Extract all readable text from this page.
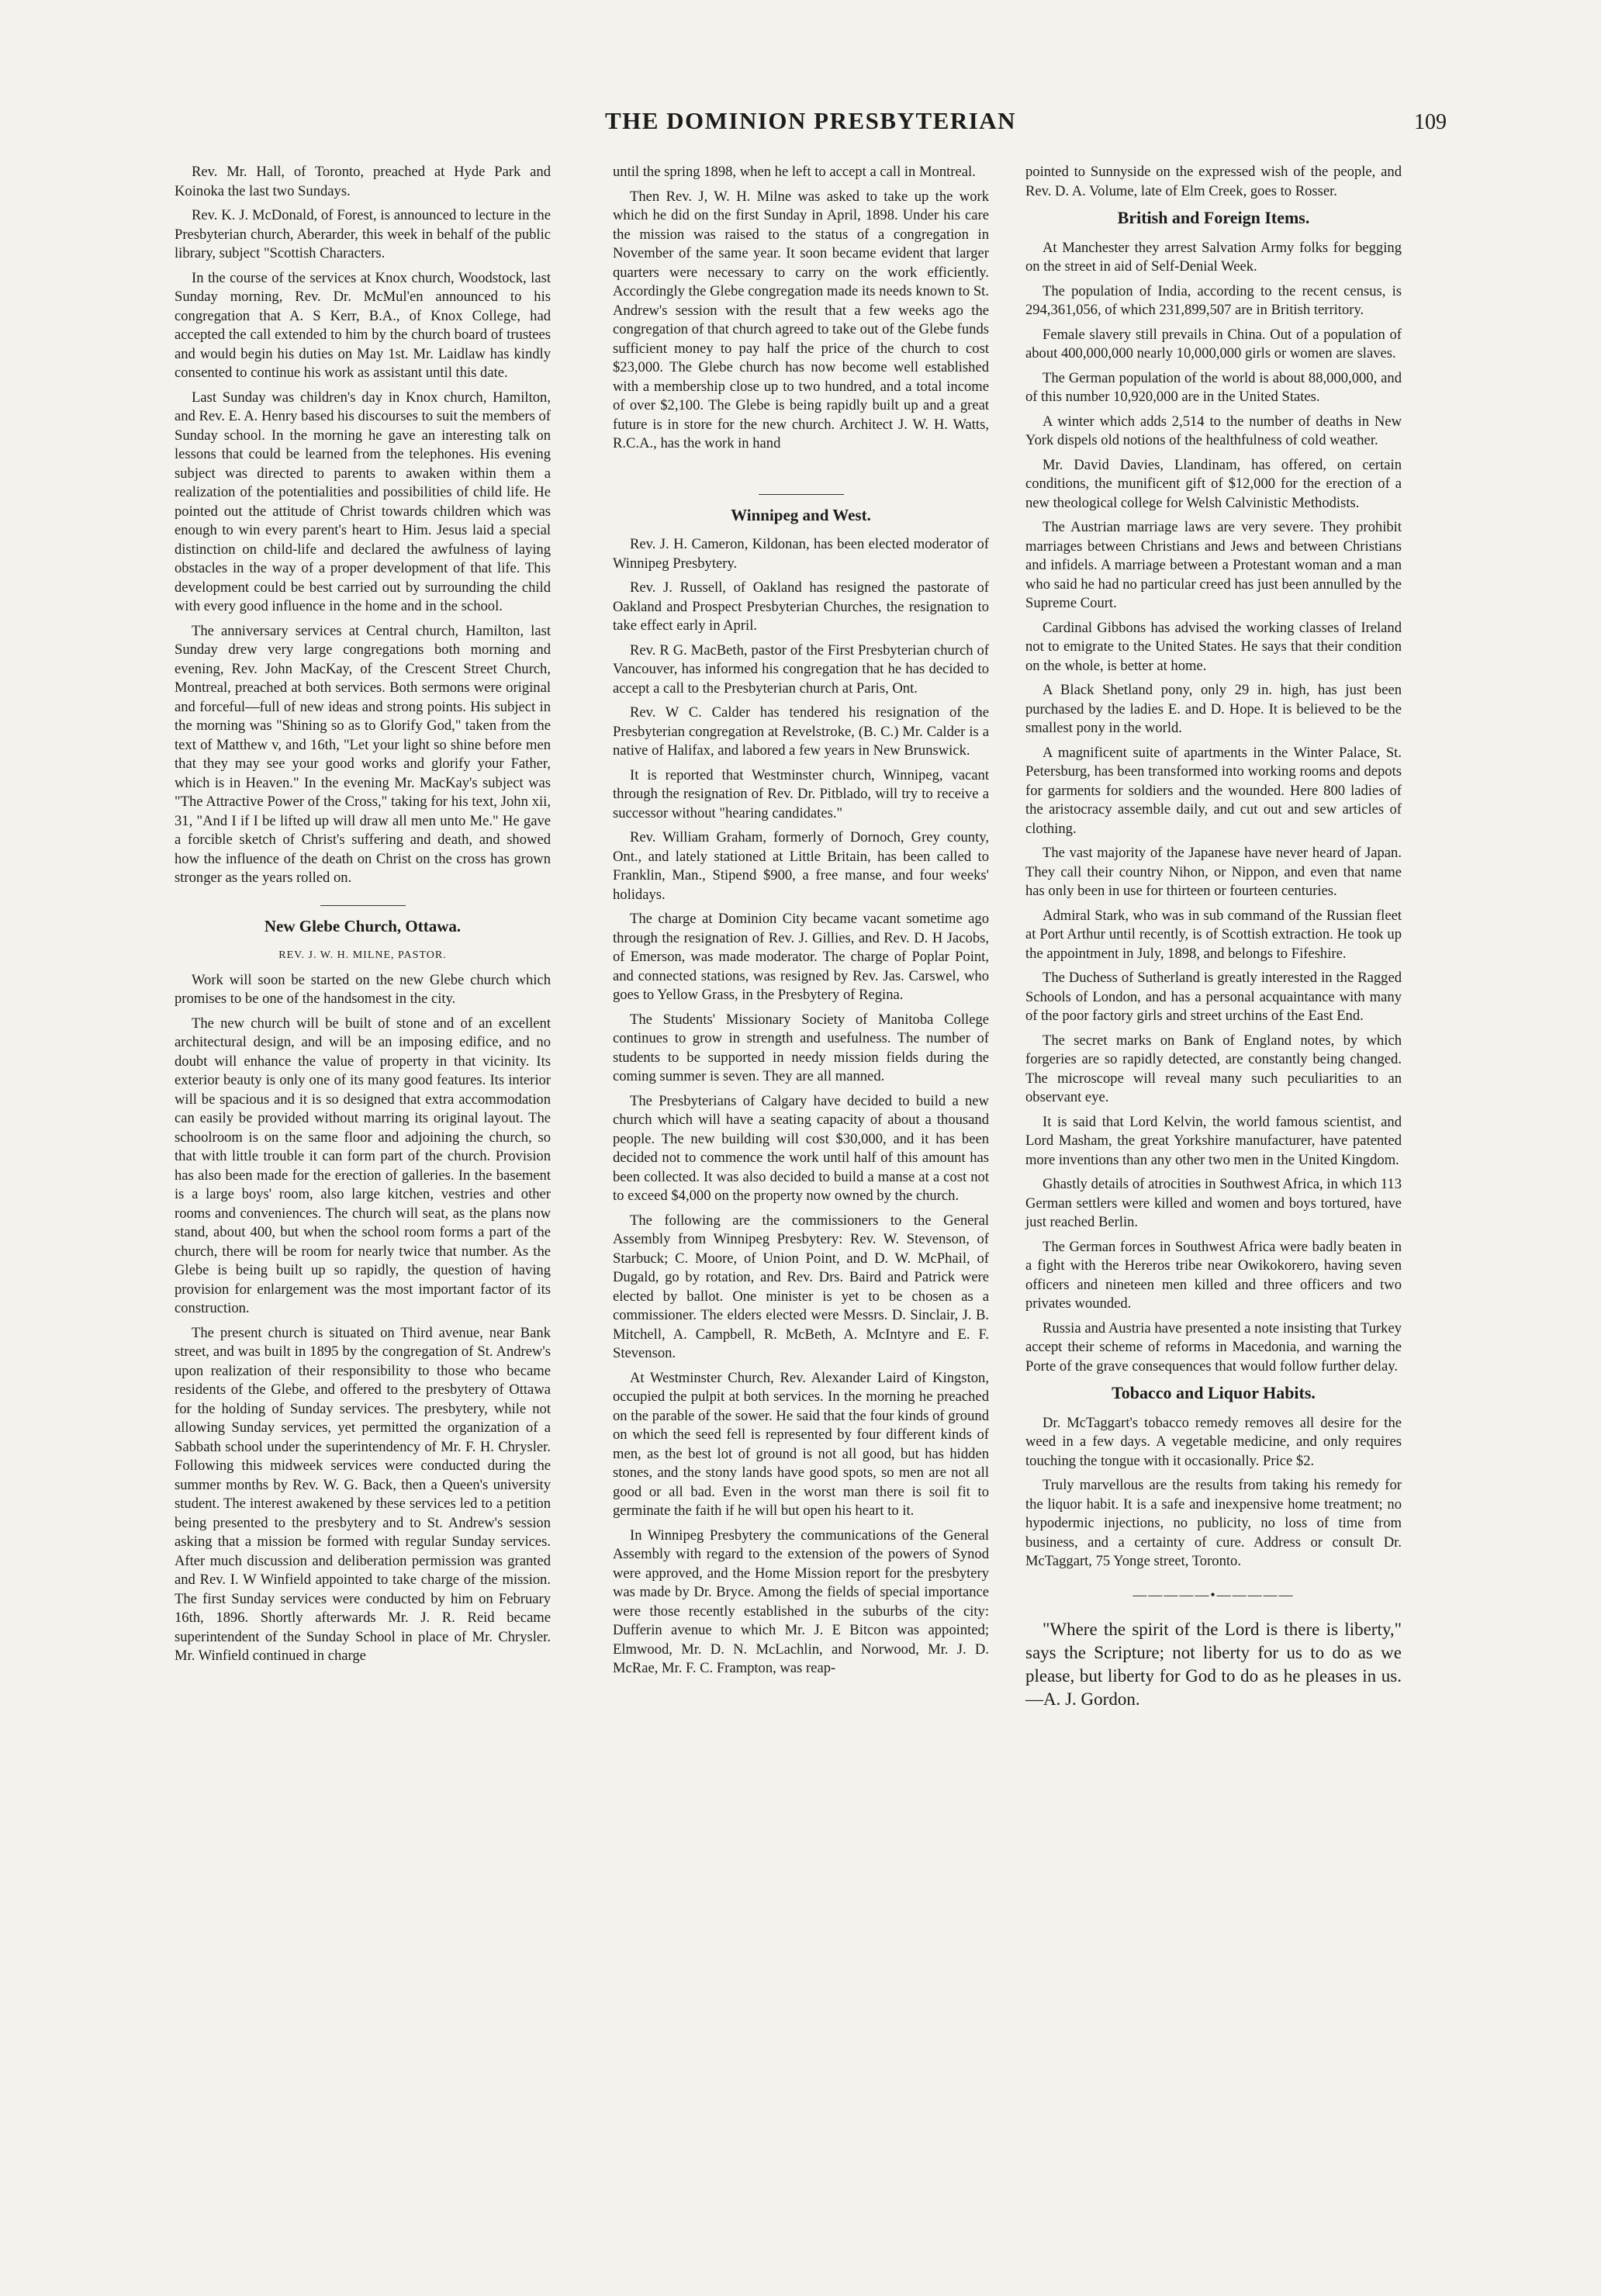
THE DOMINION PRESBYTERIAN	109

Rev. Mr. Hall, of Toronto, preached at Hyde Park and Koinoka the last two Sundays.

Rev. K. J. McDonald, of Forest, is announced to lecture in the Presbyterian church, Aberarder, this week in behalf of the public library, subject "Scottish Characters.

In the course of the services at Knox church, Woodstock, last Sunday morning, Rev. Dr. McMul'en announced to his congregation that A. S Kerr, B.A., of Knox College, had accepted the call extended to him by the church board of trustees and would begin his duties on May 1st. Mr. Laidlaw has kindly consented to continue his work as assistant until this date.

Last Sunday was children's day in Knox church, Hamilton, and Rev. E. A. Henry based his discourses to suit the members of Sunday school. In the morning he gave an interesting talk on lessons that could be learned from the telephones. His evening subject was directed to parents to awaken within them a realization of the potentialities and possibilities of child life. He pointed out the attitude of Christ towards children which was enough to win every parent's heart to Him. Jesus laid a special distinction on child-life and declared the awfulness of laying obstacles in the way of a proper development of that life. This development could be best carried out by surrounding the child with every good influence in the home and in the school.

The anniversary services at Central church, Hamilton, last Sunday drew very large congregations both morning and evening, Rev. John MacKay, of the Crescent Street Church, Montreal, preached at both services. Both sermons were original and forceful—full of new ideas and strong points. His subject in the morning was "Shining so as to Glorify God," taken from the text of Matthew v, and 16th, "Let your light so shine before men that they may see your good works and glorify your Father, which is in Heaven." In the evening Mr. MacKay's subject was "The Attractive Power of the Cross," taking for his text, John xii, 31, "And I if I be lifted up will draw all men unto Me." He gave a forcible sketch of Christ's suffering and death, and showed how the influence of the death on Christ on the cross has grown stronger as the years rolled on.

New Glebe Church, Ottawa.

REV. J. W. H. MILNE, PASTOR.

Work will soon be started on the new Glebe church which promises to be one of the handsomest in the city.

The new church will be built of stone and of an excellent architectural design, and will be an imposing edifice, and no doubt will enhance the value of property in that vicinity. Its exterior beauty is only one of its many good features. Its interior will be spacious and it is so designed that extra accommodation can easily be provided without marring its original layout. The schoolroom is on the same floor and adjoining the church, so that with little trouble it can form part of the church. Provision has also been made for the erection of galleries. In the basement is a large boys' room, also large kitchen, vestries and other rooms and conveniences. The church will seat, as the plans now stand, about 400, but when the school room forms a part of the church, there will be room for nearly twice that number. As the Glebe is being built up so rapidly, the question of having provision for enlargement was the most important factor of its construction.

The present church is situated on Third avenue, near Bank street, and was built in 1895 by the congregation of St. Andrew's upon realization of their responsibility to those who became residents of the Glebe, and offered to the presbytery of Ottawa for the holding of Sunday services. The presbytery, while not allowing Sunday services, yet permitted the organization of a Sabbath school under the superintendency of Mr. F. H. Chrysler. Following this midweek services were conducted during the summer months by Rev. W. G. Back, then a Queen's university student. The interest awakened by these services led to a petition being presented to the presbytery and to St. Andrew's session asking that a mission be formed with regular Sunday services. After much discussion and deliberation permission was granted and Rev. I. W Winfield appointed to take charge of the mission. The first Sunday services were conducted by him on February 16th, 1896. Shortly afterwards Mr. J. R. Reid became superintendent of the Sunday School in place of Mr. Chrysler. Mr. Winfield continued in charge

until the spring 1898, when he left to accept a call in Montreal.

Then Rev. J, W. H. Milne was asked to take up the work which he did on the first Sunday in April, 1898. Under his care the mission was raised to the status of a congregation in November of the same year. It soon became evident that larger quarters were necessary to carry on the work efficiently. Accordingly the Glebe congregation made its needs known to St. Andrew's session with the result that a few weeks ago the congregation of that church agreed to take out of the Glebe funds sufficient money to pay half the price of the church to cost $23,000. The Glebe church has now become well established with a membership close up to two hundred, and a total income of over $2,100. The Glebe is being rapidly built up and a great future is in store for the new church. Architect J. W. H. Watts, R.C.A., has the work in hand

Winnipeg and West.

Rev. J. H. Cameron, Kildonan, has been elected moderator of Winnipeg Presbytery.

Rev. J. Russell, of Oakland has resigned the pastorate of Oakland and Prospect Presbyterian Churches, the resignation to take effect early in April.

Rev. R G. MacBeth, pastor of the First Presbyterian church of Vancouver, has informed his congregation that he has decided to accept a call to the Presbyterian church at Paris, Ont.

Rev. W C. Calder has tendered his resignation of the Presbyterian congregation at Revelstroke, (B. C.) Mr. Calder is a native of Halifax, and labored a few years in New Brunswick.

It is reported that Westminster church, Winnipeg, vacant through the resignation of Rev. Dr. Pitblado, will try to receive a successor without "hearing candidates."

Rev. William Graham, formerly of Dornoch, Grey county, Ont., and lately stationed at Little Britain, has been called to Franklin, Man., Stipend $900, a free manse, and four weeks' holidays.

The charge at Dominion City became vacant sometime ago through the resignation of Rev. J. Gillies, and Rev. D. H Jacobs, of Emerson, was made moderator. The charge of Poplar Point, and connected stations, was resigned by Rev. Jas. Carswel, who goes to Yellow Grass, in the Presbytery of Regina.

The Students' Missionary Society of Manitoba College continues to grow in strength and usefulness. The number of students to be supported in needy mission fields during the coming summer is seven. They are all manned.

The Presbyterians of Calgary have decided to build a new church which will have a seating capacity of about a thousand people. The new building will cost $30,000, and it has been decided not to commence the work until half of this amount has been collected. It was also decided to build a manse at a cost not to exceed $4,000 on the property now owned by the church.

The following are the commissioners to the General Assembly from Winnipeg Presbytery: Rev. W. Stevenson, of Starbuck; C. Moore, of Union Point, and D. W. McPhail, of Dugald, go by rotation, and Rev. Drs. Baird and Patrick were elected by ballot. One minister is yet to be chosen as a commissioner. The elders elected were Messrs. D. Sinclair, J. B. Mitchell, A. Campbell, R. McBeth, A. McIntyre and E. F. Stevenson.

At Westminster Church, Rev. Alexander Laird of Kingston, occupied the pulpit at both services. In the morning he preached on the parable of the sower. He said that the four kinds of ground on which the seed fell is represented by four different kinds of men, as the best lot of ground is not all good, but has hidden stones, and the stony lands have good spots, so men are not all good or all bad. Even in the worst man there is soil fit to germinate the faith if he will but open his heart to it.

In Winnipeg Presbytery the communications of the General Assembly with regard to the extension of the powers of Synod were approved, and the Home Mission report for the presbytery was made by Dr. Bryce. Among the fields of special importance were those recently established in the suburbs of the city: Dufferin avenue to which Mr. J. E Bitcon was appointed; Elmwood, Mr. D. N. McLachlin, and Norwood, Mr. J. D. McRae, Mr. F. C. Frampton, was reap-

pointed to Sunnyside on the expressed wish of the people, and Rev. D. A. Volume, late of Elm Creek, goes to Rosser.

British and Foreign Items.

At Manchester they arrest Salvation Army folks for begging on the street in aid of Self-Denial Week.

The population of India, according to the recent census, is 294,361,056, of which 231,899,507 are in British territory.

Female slavery still prevails in China. Out of a population of about 400,000,000 nearly 10,000,000 girls or women are slaves.

The German population of the world is about 88,000,000, and of this number 10,920,000 are in the United States.

A winter which adds 2,514 to the number of deaths in New York dispels old notions of the healthfulness of cold weather.

Mr. David Davies, Llandinam, has offered, on certain conditions, the munificent gift of $12,000 for the erection of a new theological college for Welsh Calvinistic Methodists.

The Austrian marriage laws are very severe. They prohibit marriages between Christians and Jews and between Christians and infidels. A marriage between a Protestant woman and a man who said he had no particular creed has just been annulled by the Supreme Court.

Cardinal Gibbons has advised the working classes of Ireland not to emigrate to the United States. He says that their condition on the whole, is better at home.

A Black Shetland pony, only 29 in. high, has just been purchased by the ladies E. and D. Hope. It is believed to be the smallest pony in the world.

A magnificent suite of apartments in the Winter Palace, St. Petersburg, has been transformed into working rooms and depots for garments for soldiers and the wounded. Here 800 ladies of the aristocracy assemble daily, and cut out and sew articles of clothing.

The vast majority of the Japanese have never heard of Japan. They call their country Nihon, or Nippon, and even that name has only been in use for thirteen or fourteen centuries.

Admiral Stark, who was in sub command of the Russian fleet at Port Arthur until recently, is of Scottish extraction. He took up the appointment in July, 1898, and belongs to Fifeshire.

The Duchess of Sutherland is greatly interested in the Ragged Schools of London, and has a personal acquaintance with many of the poor factory girls and street urchins of the East End.

The secret marks on Bank of England notes, by which forgeries are so rapidly detected, are constantly being changed. The microscope will reveal many such peculiarities to an observant eye.

It is said that Lord Kelvin, the world famous scientist, and Lord Masham, the great Yorkshire manufacturer, have patented more inventions than any other two men in the United Kingdom.

Ghastly details of atrocities in Southwest Africa, in which 113 German settlers were killed and women and boys tortured, have just reached Berlin.

The German forces in Southwest Africa were badly beaten in a fight with the Hereros tribe near Owikokorero, having seven officers and nineteen men killed and three officers and two privates wounded.

Russia and Austria have presented a note insisting that Turkey accept their scheme of reforms in Macedonia, and warning the Porte of the grave consequences that would follow further delay.

Tobacco and Liquor Habits.

Dr. McTaggart's tobacco remedy removes all desire for the weed in a few days. A vegetable medicine, and only requires touching the tongue with it occasionally. Price $2.

Truly marvellous are the results from taking his remedy for the liquor habit. It is a safe and inexpensive home treatment; no hypodermic injections, no publicity, no loss of time from business, and a certainty of cure. Address or consult Dr. McTaggart, 75 Yonge street, Toronto.

—————•—————

"Where the spirit of the Lord is there is liberty," says the Scripture; not liberty for us to do as we please, but liberty for God to do as he pleases in us.—A. J. Gordon.
